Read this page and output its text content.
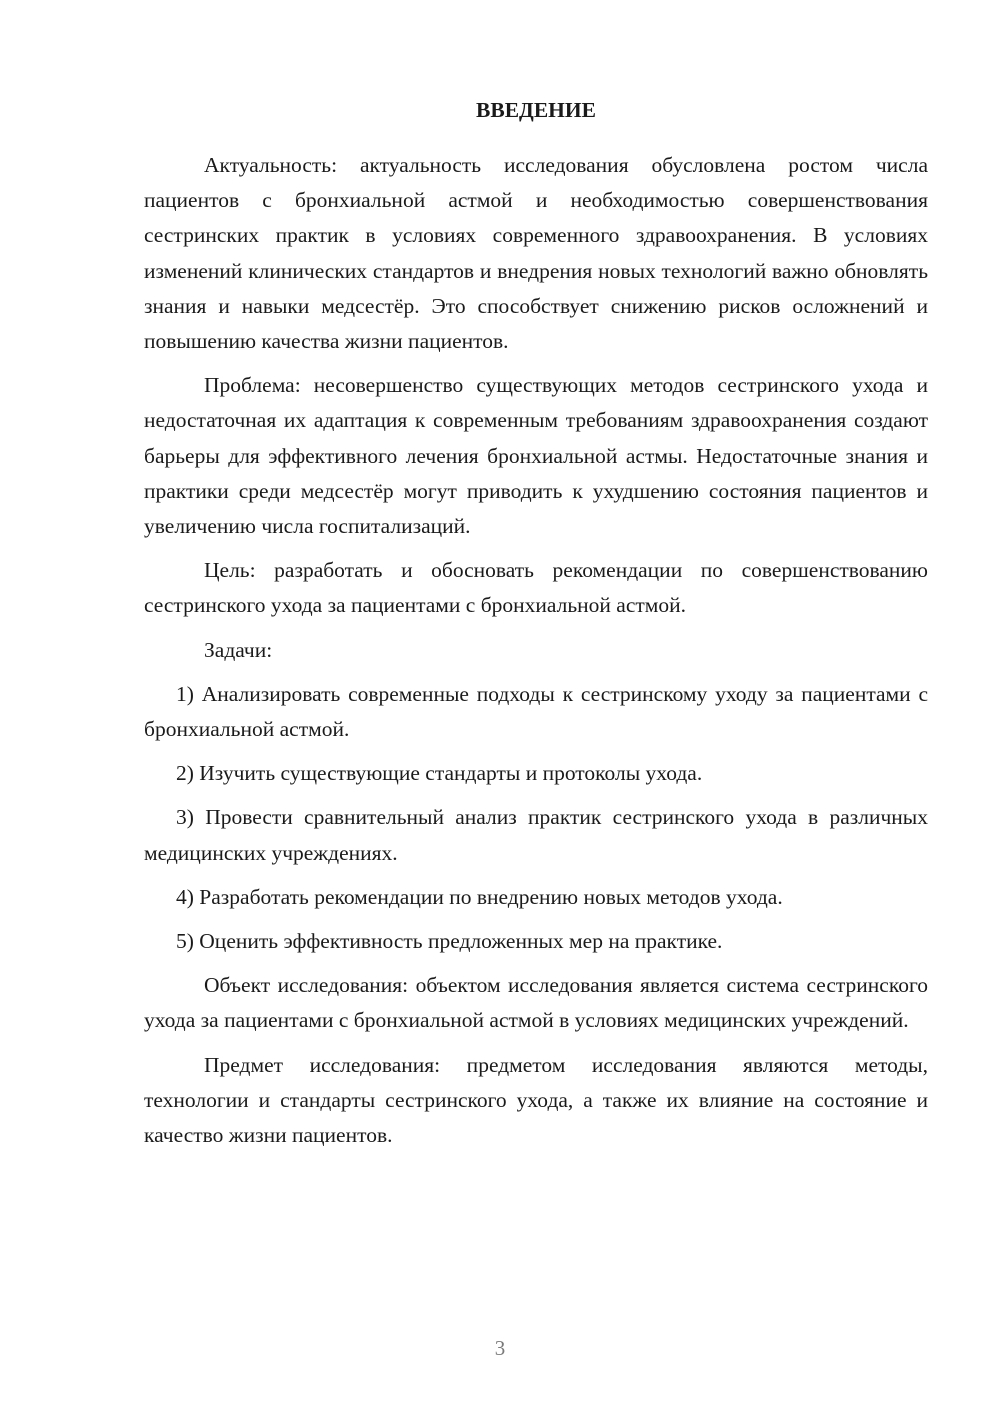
ВВЕДЕНИЕ

Актуальность: актуальность исследования обусловлена ростом числа пациентов с бронхиальной астмой и необходимостью совершенствования сестринских практик в условиях современного здравоохранения. В условиях изменений клинических стандартов и внедрения новых технологий важно обновлять знания и навыки медсестёр. Это способствует снижению рисков осложнений и повышению качества жизни пациентов.

Проблема: несовершенство существующих методов сестринского ухода и недостаточная их адаптация к современным требованиям здравоохранения создают барьеры для эффективного лечения бронхиальной астмы. Недостаточные знания и практики среди медсестёр могут приводить к ухудшению состояния пациентов и увеличению числа госпитализаций.

Цель: разработать и обосновать рекомендации по совершенствованию сестринского ухода за пациентами с бронхиальной астмой.

Задачи:

1) Анализировать современные подходы к сестринскому уходу за пациентами с бронхиальной астмой.

2) Изучить существующие стандарты и протоколы ухода.

3) Провести сравнительный анализ практик сестринского ухода в различных медицинских учреждениях.

4) Разработать рекомендации по внедрению новых методов ухода.

5) Оценить эффективность предложенных мер на практике.

Объект исследования: объектом исследования является система сестринского ухода за пациентами с бронхиальной астмой в условиях медицинских учреждений.

Предмет исследования: предметом исследования являются методы, технологии и стандарты сестринского ухода, а также их влияние на состояние и качество жизни пациентов.

3
